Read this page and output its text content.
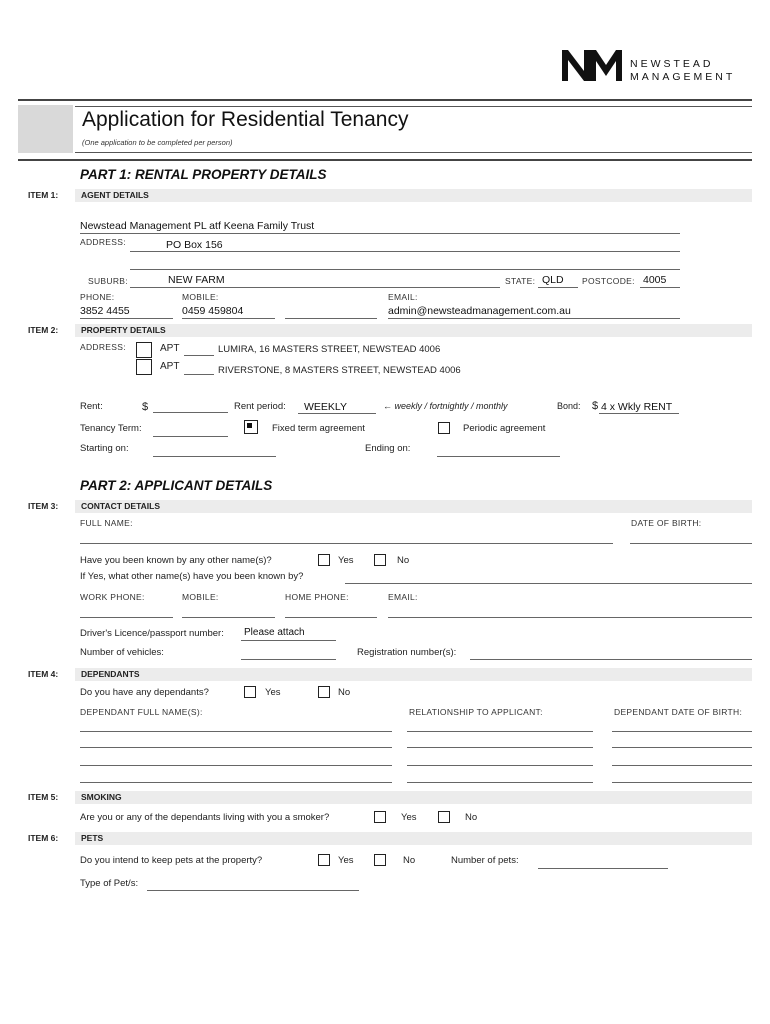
NEWSTEAD
MANAGEMENT
Application for Residential Tenancy
(One application to be completed per person)
PART 1: RENTAL PROPERTY DETAILS
ITEM 1:	AGENT DETAILS
Newstead Management PL atf Keena Family Trust
ADDRESS:	PO Box 156
SUBURB:	NEW FARM	STATE: QLD POSTCODE: 4005
PHONE:	MOBILE:	EMAIL:
3852 4455	0459 459804	admin@newsteadmanagement.com.au
ITEM 2:	PROPERTY DETAILS
ADDRESS:	APT	LUMIRA, 16 MASTERS STREET, NEWSTEAD 4006
APT	RIVERSTONE, 8 MASTERS STREET, NEWSTEAD 4006
Rent:	$	Rent period: WEEKLY	← weekly / fortnightly / monthly	Bond: $ 4 x Wkly RENT
Tenancy Term:	Fixed term agreement	Periodic agreement
Starting on:	Ending on:
PART 2: APPLICANT DETAILS
ITEM 3:	CONTACT DETAILS
FULL NAME:	DATE OF BIRTH:
Have you been known by any other name(s)?	Yes	No
If Yes, what other name(s) have you been known by?
WORK PHONE:	MOBILE:	HOME PHONE:	EMAIL:
Driver's Licence/passport number: Please attach
Number of vehicles:	Registration number(s):
ITEM 4:	DEPENDANTS
Do you have any dependants?	Yes	No
DEPENDANT FULL NAME(S):	RELATIONSHIP TO APPLICANT:	DEPENDANT DATE OF BIRTH:
ITEM 5:	SMOKING
Are you or any of the dependants living with you a smoker?	Yes	No
ITEM 6:	PETS
Do you intend to keep pets at the property?	Yes	No	Number of pets:
Type of Pet/s:
